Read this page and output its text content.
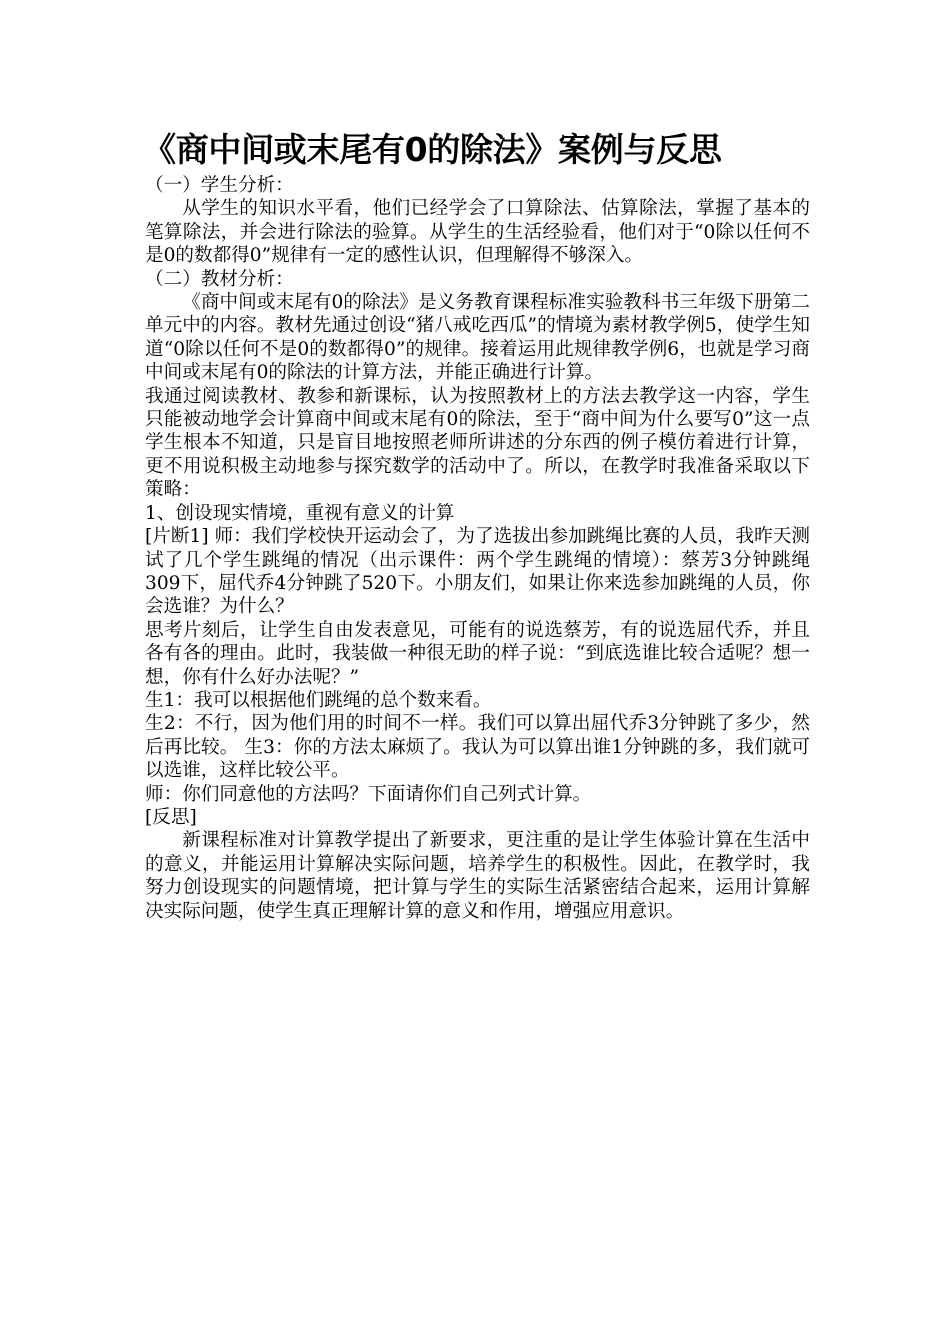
《商中间或末尾有0的除法》案例与反思

（一）学生分析：

从学生的知识水平看，他们已经学会了口算除法、估算除法，掌握了基本的笔算除法，并会进行除法的验算。从学生的生活经验看，他们对于“0除以任何不是0的数都得0”规律有一定的感性认识，但理解得不够深入。

（二）教材分析：

《商中间或末尾有0的除法》是义务教育课程标准实验教科书三年级下册第二单元中的内容。教材先通过创设“猪八戒吃西瓜”的情境为素材教学例5，使学生知道“0除以任何不是0的数都得0”的规律。接着运用此规律教学例6，也就是学习商中间或末尾有0的除法的计算方法，并能正确进行计算。

我通过阅读教材、教参和新课标，认为按照教材上的方法去教学这一内容，学生只能被动地学会计算商中间或末尾有0的除法，至于“商中间为什么要写0”这一点学生根本不知道，只是盲目地按照老师所讲述的分东西的例子模仿着进行计算，更不用说积极主动地参与探究数学的活动中了。所以，在教学时我准备采取以下策略：

1、创设现实情境，重视有意义的计算

[片断1] 师：我们学校快开运动会了，为了选拔出参加跳绳比赛的人员，我昨天测试了几个学生跳绳的情况（出示课件：两个学生跳绳的情境）：蔡芳3分钟跳绳309下，屈代乔4分钟跳了520下。小朋友们，如果让你来选参加跳绳的人员，你会选谁？为什么？

思考片刻后，让学生自由发表意见，可能有的说选蔡芳，有的说选屈代乔，并且各有各的理由。此时，我装做一种很无助的样子说：“到底选谁比较合适呢？想一想，你有什么好办法呢？”

生1：我可以根据他们跳绳的总个数来看。

生2：不行，因为他们用的时间不一样。我们可以算出屈代乔3分钟跳了多少，然后再比较。 生3：你的方法太麻烦了。我认为可以算出谁1分钟跳的多，我们就可以选谁，这样比较公平。

师：你们同意他的方法吗？下面请你们自己列式计算。

[反思]

新课程标准对计算教学提出了新要求，更注重的是让学生体验计算在生活中的意义，并能运用计算解决实际问题，培养学生的积极性。因此，在教学时，我努力创设现实的问题情境，把计算与学生的实际生活紧密结合起来，运用计算解决实际问题，使学生真正理解计算的意义和作用，增强应用意识。
